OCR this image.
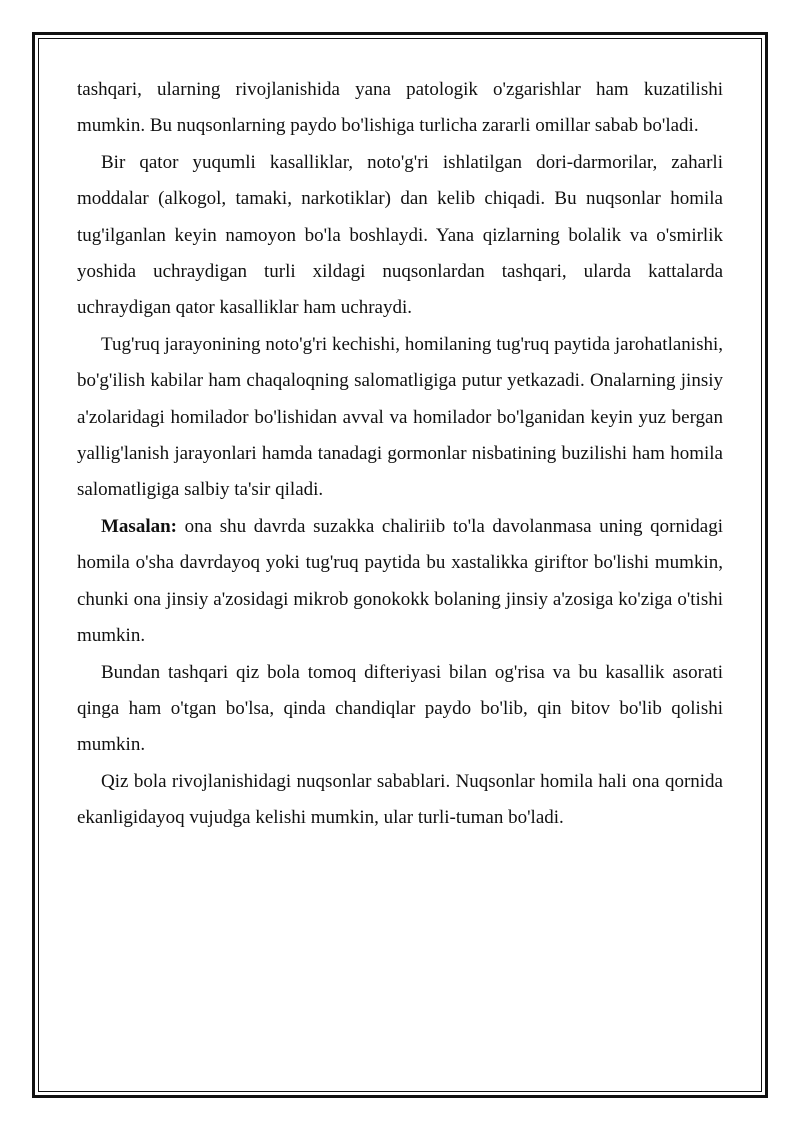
tashqari, ularning rivojlanishida yana patologik o'zgarishlar ham kuzatilishi mumkin. Bu nuqsonlarning paydo bo'lishiga turlicha zararli omillar sabab bo'ladi.

Bir qator yuqumli kasalliklar, noto'g'ri ishlatilgan dori-darmorilar, zaharli moddalar (alkogol, tamaki, narkotiklar) dan kelib chiqadi. Bu nuqsonlar homila tug'ilganlan keyin namoyon bo'la boshlaydi. Yana qizlarning bolalik va o'smirlik yoshida uchraydigan turli xildagi nuqsonlardan tashqari, ularda kattalarda uchraydigan qator kasalliklar ham uchraydi.

Tug'ruq jarayonining noto'g'ri kechishi, homilaning tug'ruq paytida jarohatlanishi, bo'g'ilish kabilar ham chaqaloqning salomatligiga putur yetkazadi. Onalarning jinsiy a'zolaridagi homilador bo'lishidan avval va homilador bo'lganidan keyin yuz bergan yallig'lanish jarayonlari hamda tanadagi gormonlar nisbatining buzilishi ham homila salomatligiga salbiy ta'sir qiladi.

Masalan: ona shu davrda suzakka chaliriib to'la davolanmasa uning qornidagi homila o'sha davrdayoq yoki tug'ruq paytida bu xastalikka giriftor bo'lishi mumkin, chunki ona jinsiy a'zosidagi mikrob gonokokk bolaning jinsiy a'zosiga ko'ziga o'tishi mumkin.

Bundan tashqari qiz bola tomoq difteriyasi bilan og'risa va bu kasallik asorati qinga ham o'tgan bo'lsa, qinda chandiqlar paydo bo'lib, qin bitov bo'lib qolishi mumkin.

Qiz bola rivojlanishidagi nuqsonlar sabablari. Nuqsonlar homila hali ona qornida ekanligidayoq vujudga kelishi mumkin, ular turli-tuman bo'ladi.
